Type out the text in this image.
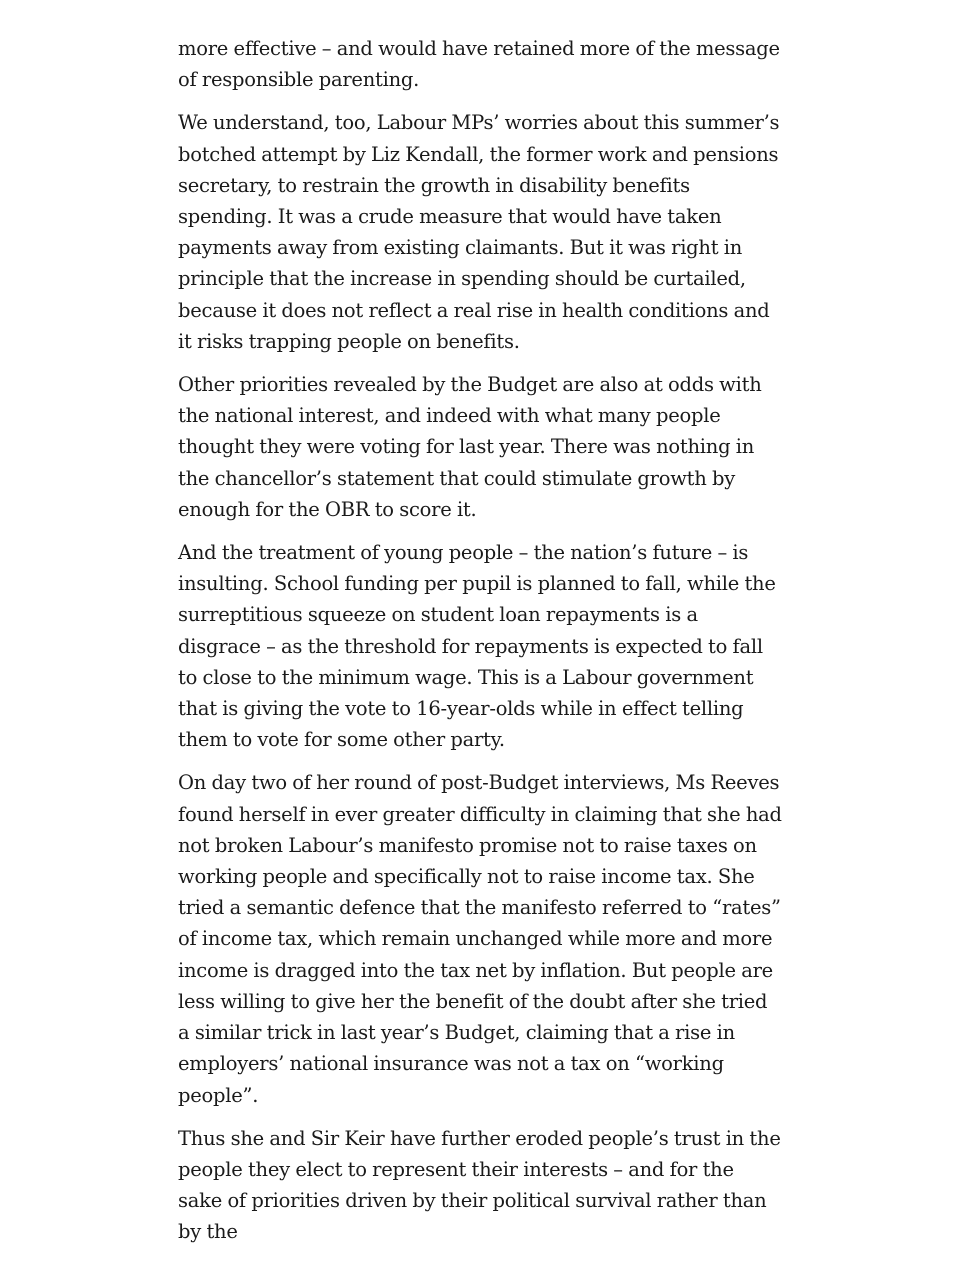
more effective – and would have retained more of the message of responsible parenting.

We understand, too, Labour MPs’ worries about this summer’s botched attempt by Liz Kendall, the former work and pensions secretary, to restrain the growth in disability benefits spending. It was a crude measure that would have taken payments away from existing claimants. But it was right in principle that the increase in spending should be curtailed, because it does not reflect a real rise in health conditions and it risks trapping people on benefits.

Other priorities revealed by the Budget are also at odds with the national interest, and indeed with what many people thought they were voting for last year. There was nothing in the chancellor’s statement that could stimulate growth by enough for the OBR to score it.

And the treatment of young people – the nation’s future – is insulting. School funding per pupil is planned to fall, while the surreptitious squeeze on student loan repayments is a disgrace – as the threshold for repayments is expected to fall to close to the minimum wage. This is a Labour government that is giving the vote to 16-year-olds while in effect telling them to vote for some other party.

On day two of her round of post-Budget interviews, Ms Reeves found herself in ever greater difficulty in claiming that she had not broken Labour’s manifesto promise not to raise taxes on working people and specifically not to raise income tax. She tried a semantic defence that the manifesto referred to “rates” of income tax, which remain unchanged while more and more income is dragged into the tax net by inflation. But people are less willing to give her the benefit of the doubt after she tried a similar trick in last year’s Budget, claiming that a rise in employers’ national insurance was not a tax on “working people”.

Thus she and Sir Keir have further eroded people’s trust in the people they elect to represent their interests – and for the sake of priorities driven by their political survival rather than by the
